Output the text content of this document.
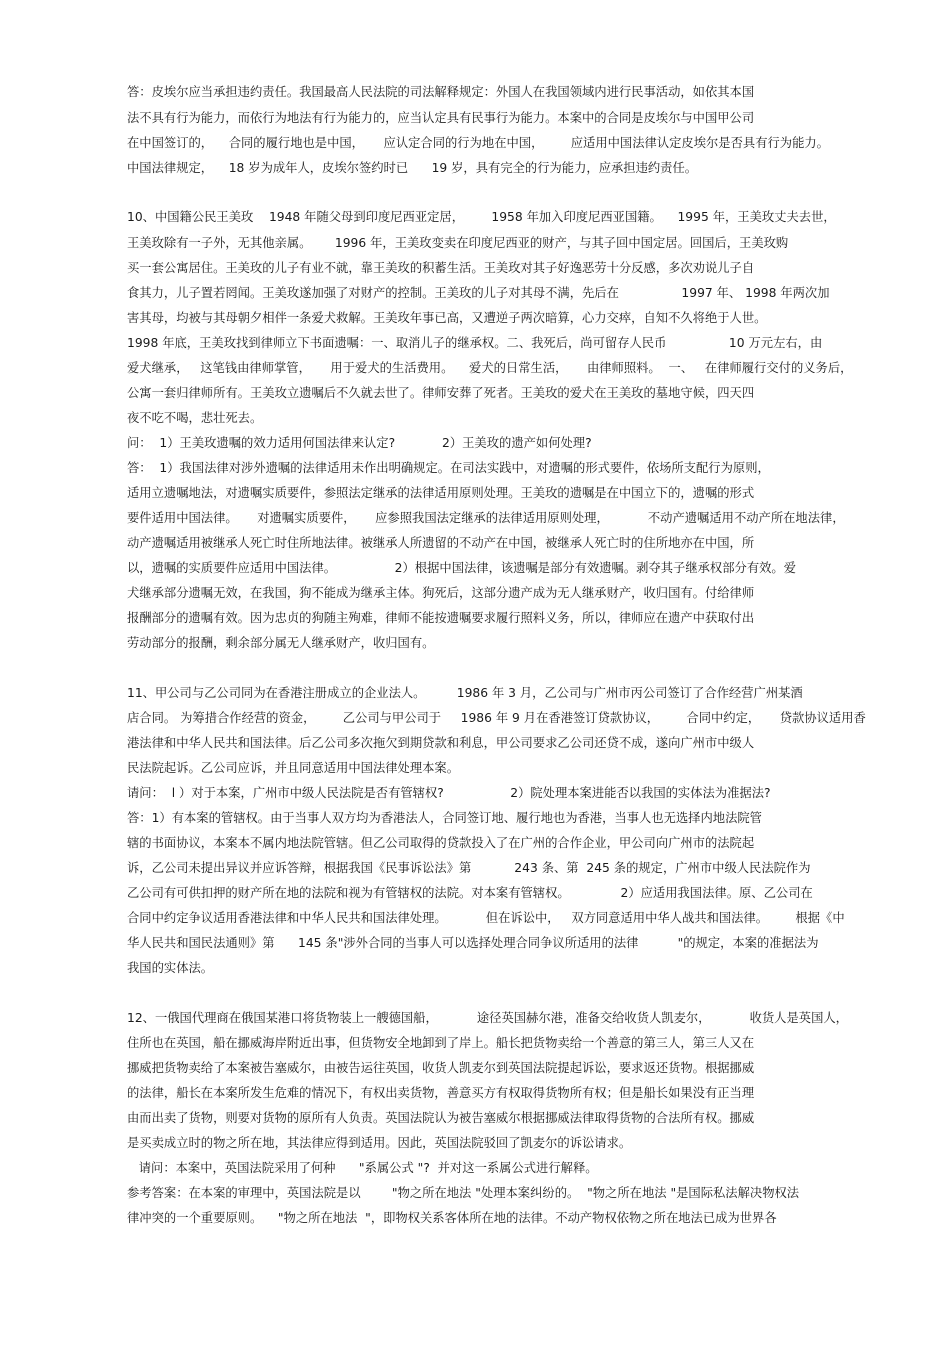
答：皮埃尔应当承担违约责任。我国最高人民法院的司法解释规定：外国人在我国领域内进行民事活动，如依其本国
法不具有行为能力，而依行为地法有行为能力的，应当认定具有民事行为能力。本案中的合同是皮埃尔与中国甲公司
在中国签订的，    合同的履行地也是中国，     应认定合同的行为地在中国，       应适用中国法律认定皮埃尔是否具有行为能力。
中国法律规定，    18 岁为成年人，皮埃尔签约时已      19 岁，具有完全的行为能力，应承担违约责任。
10、中国籍公民王美玫    1948 年随父母到印度尼西亚定居，       1958 年加入印度尼西亚国籍。    1995 年，王美玫丈夫去世，
王美玫除有一子外，无其他亲属。      1996 年，王美玫变卖在印度尼西亚的财产，与其子回中国定居。回国后，王美玫购
买一套公寓居住。王美玫的儿子有业不就，靠王美玫的积蓄生活。王美玫对其子好逸恶劳十分反感，多次劝说儿子自
食其力，儿子置若罔闻。王美玫遂加强了对财产的控制。王美玫的儿子对其母不满，先后在                1997 年、 1998 年两次加
害其母，均被与其母朝夕相伴一条爱犬救解。王美玫年事已高，又遭逆子两次暗算，心力交瘁，自知不久将绝于人世。
1998 年底，王美玫找到律师立下书面遗嘱：一、取消儿子的继承权。二、我死后，尚可留存人民币                10 万元左右，由
爱犬继承，   这笔钱由律师掌管，     用于爱犬的生活费用。    爱犬的日常生活，     由律师照料。  一、   在律师履行交付的义务后，
公寓一套归律师所有。王美玫立遗嘱后不久就去世了。律师安葬了死者。王美玫的爱犬在王美玫的墓地守候，四天四
夜不吃不喝，悲壮死去。
问：  1）王美玫遗嘱的效力适用何国法律来认定?            2）王美玫的遗产如何处理?
答：  1）我国法律对涉外遗嘱的法律适用未作出明确规定。在司法实践中，对遗嘱的形式要件，依场所支配行为原则，
适用立遗嘱地法，对遗嘱实质要件，参照法定继承的法律适用原则处理。王美玫的遗嘱是在中国立下的，遗嘱的形式
要件适用中国法律。     对遗嘱实质要件，     应参照我国法定继承的法律适用原则处理，          不动产遗嘱适用不动产所在地法律，
动产遗嘱适用被继承人死亡时住所地法律。被继承人所遗留的不动产在中国，被继承人死亡时的住所地亦在中国，所
以，遗嘱的实质要件应适用中国法律。               2）根据中国法律，该遗嘱是部分有效遗嘱。剥夺其子继承权部分有效。爱
犬继承部分遗嘱无效，在我国，狗不能成为继承主体。狗死后，这部分遗产成为无人继承财产，收归国有。付给律师
报酬部分的遗嘱有效。因为忠贞的狗随主殉难，律师不能按遗嘱要求履行照料义务，所以，律师应在遗产中获取付出
劳动部分的报酬，剩余部分属无人继承财产，收归国有。
11、甲公司与乙公司同为在香港注册成立的企业法人。        1986 年 3 月，乙公司与广州市丙公司签订了合作经营广州某酒
店合同。 为筹措合作经营的资金，       乙公司与甲公司于     1986 年 9 月在香港签订贷款协议，       合同中约定，     贷款协议适用香
港法律和中华人民共和国法律。后乙公司多次拖欠到期贷款和利息，甲公司要求乙公司还贷不成，遂向广州市中级人
民法院起诉。乙公司应诉，并且同意适用中国法律处理本案。
请问：  l ）对于本案，广州市中级人民法院是否有管辖权?                 2）院处理本案进能否以我国的实体法为准据法?
答：1）有本案的管辖权。由于当事人双方均为香港法人，合同签订地、履行地也为香港，当事人也无选择内地法院管
辖的书面协议，本案本不属内地法院管辖。但乙公司取得的贷款投入了在广州的合作企业，甲公司向广州市的法院起
诉，乙公司未提出异议并应诉答辩，根据我国《民事诉讼法》第           243 条、第  245 条的规定，广州市中级人民法院作为
乙公司有可供扣押的财产所在地的法院和视为有管辖权的法院。对本案有管辖权。             2）应适用我国法律。原、乙公司在
合同中约定争议适用香港法律和中华人民共和国法律处理。          但在诉讼中，   双方同意适用中华人战共和国法律。       根据《中
华人民共和国民法通则》第      145 条"涉外合同的当事人可以选择处理合同争议所适用的法律          "的规定，本案的准据法为
我国的实体法。
12、一俄国代理商在俄国某港口将货物装上一艘德国船，          途径英国赫尔港，准备交给收货人凯麦尔，          收货人是英国人，
住所也在英国，船在挪威海岸附近出事，但货物安全地卸到了岸上。船长把货物卖给一个善意的第三人，第三人又在
挪威把货物卖给了本案被告塞威尔，由被告运往英国，收货人凯麦尔到英国法院提起诉讼，要求返还货物。根据挪威
的法律，船长在本案所发生危难的情况下，有权出卖货物，善意买方有权取得货物所有权；但是船长如果没有正当理
由而出卖了货物，则要对货物的原所有人负责。英国法院认为被告塞威尔根据挪威法律取得货物的合法所有权。挪威
是买卖成立时的物之所在地，其法律应得到适用。因此，英国法院驳回了凯麦尔的诉讼请求。
请问：本案中，英国法院采用了何种      "系属公式 "?  并对这一系属公式进行解释。
参考答案：在本案的审理中，英国法院是以        "物之所在地法 "处理本案纠纷的。  "物之所在地法 "是国际私法解决物权法
律冲突的一个重要原则。    "物之所在地法  "，即物权关系客体所在地的法律。不动产物权依物之所在地法已成为世界各
